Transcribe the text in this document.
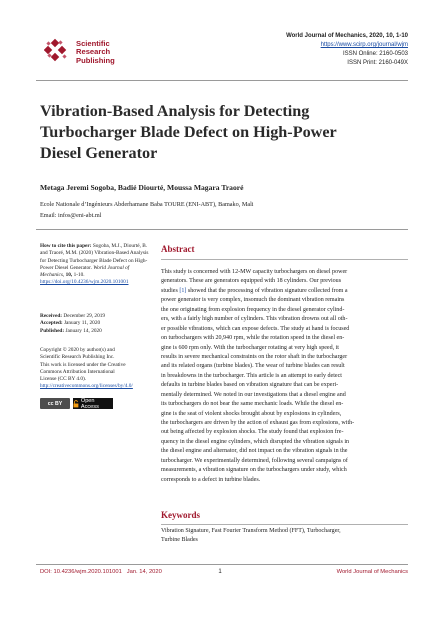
Scientific
Research
Publishing
World Journal of Mechanics, 2020, 10, 1-10
https://www.scirp.org/journal/wjm
ISSN Online: 2160-0503
ISSN Print: 2160-049X
Vibration-Based Analysis for Detecting
Turbocharger Blade Defect on High-Power
Diesel Generator
Metaga Jeremi Sogoba, Badié Diourté, Moussa Magara Traoré
Ecole Nationale d’Ingénieurs Abderhamane Baba TOURE (ENI-ABT), Bamako, Mali
Email: infos@eni-abt.ml
How to cite this paper: Sogoba, M.J., Diourté, B. and Traoré, M.M. (2020) Vibration-Based Analysis for Detecting Turbocharger Blade Defect on High-Power Diesel Generator. World Journal of Mechanics, 10, 1-10.
https://doi.org/10.4236/wjm.2020.101001
Received: December 29, 2019
Accepted: January 11, 2020
Published: January 14, 2020
Copyright © 2020 by author(s) and
Scientific Research Publishing Inc.
This work is licensed under the Creative
Commons Attribution International
License (CC BY 4.0).
http://creativecommons.org/licenses/by/4.0/
cc BY	Open Access
Abstract
This study is concerned with 12-MW capacity turbochargers on diesel power
generators. These are generators equipped with 18 cylinders. Our previous
studies [1] showed that the processing of vibration signature collected from a
power generator is very complex, insomuch the dominant vibration remains
the one originating from explosion frequency in the diesel generator cylind-
ers, with a fairly high number of cylinders. This vibration drowns out all oth-
er possible vibrations, which can expose defects. The study at hand is focused
on turbochargers with 20,940 rpm, while the rotation speed in the diesel en-
gine is 600 rpm only. With the turbocharger rotating at very high speed, it
results in severe mechanical constraints on the rotor shaft in the turbocharger
and its related organs (turbine blades). The wear of turbine blades can result
in breakdowns in the turbocharger. This article is an attempt to early detect
defaults in turbine blades based on vibration signature that can be experi-
mentally determined. We noted in our investigations that a diesel engine and
its turbochargers do not bear the same mechanic loads. While the diesel en-
gine is the seat of violent shocks brought about by explosions in cylinders,
the turbochargers are driven by the action of exhaust gas from explosions, with-
out being affected by explosion shocks. The study found that explosion fre-
quency in the diesel engine cylinders, which disrupted the vibration signals in
the diesel engine and alternator, did not impact on the vibration signals in the
turbocharger. We experimentally determined, following several campaigns of
measurements, a vibration signature on the turbochargers under study, which
corresponds to a defect in turbine blades.
Keywords
Vibration Signature, Fast Fourier Transform Method (FFT), Turbocharger,
Turbine Blades
DOI: 10.4236/wjm.2020.101001 Jan. 14, 2020	1	World Journal of Mechanics
